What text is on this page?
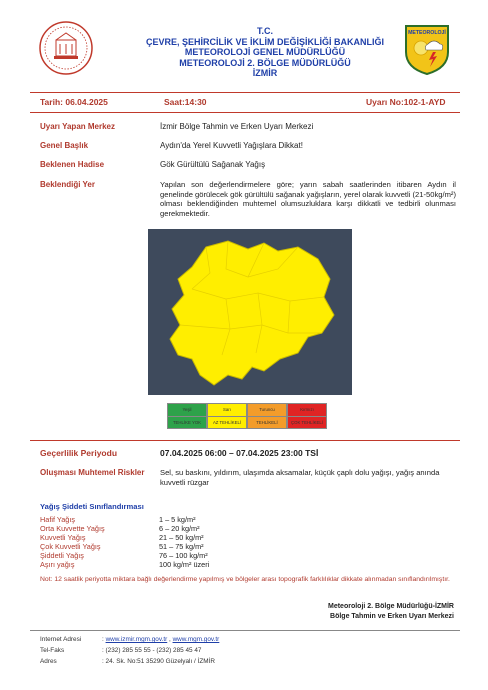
T.C.
ÇEVRE, ŞEHİRCİLİK VE İKLİM DEĞİŞİKLİĞİ BAKANLIĞI
METEOROLOJİ GENEL MÜDÜRLÜĞÜ
METEOROLOJİ 2. BÖLGE MÜDÜRLÜĞÜ
İZMİR
METEOROLOJİ
Tarih: 06.04.2025	Saat:14:30	Uyarı No:102-1-AYD
Uyarı Yapan Merkez	İzmir Bölge Tahmin ve Erken Uyarı Merkezi
Genel Başlık	Aydın'da Yerel Kuvvetli Yağışlara Dikkat!
Beklenen Hadise	Gök Gürültülü Sağanak Yağış
Beklendiği Yer	Yapılan son değerlendirmelere göre; yarın sabah saatlerinden itibaren Aydın il genelinde görülecek gök gürültülü sağanak yağışların, yerel olarak kuvvetli (21-50kg/m²) olması beklendiğinden muhtemel olumsuzluklara karşı dikkatli ve tedbirli olunması gerekmektedir.
Yeşil
TEHLİKE YOK
Sarı
AZ TEHLİKELİ
Turuncu
TEHLİKELİ
Kırmızı
ÇOK TEHLİKELİ
Geçerlilik Periyodu	07.04.2025 06:00 – 07.04.2025 23:00 TSİ
Oluşması Muhtemel Riskler Sel, su baskını, yıldırım, ulaşımda aksamalar, küçük çaplı dolu yağışı, yağış anında kuvvetli rüzgar
Yağış Şiddeti Sınıflandırması
Hafif Yağış	1 – 5 kg/m²
Orta Kuvvette Yağış	6 – 20 kg/m²
Kuvvetli Yağış	21 – 50 kg/m²
Çok Kuvvetli Yağış	51 – 75 kg/m²
Şiddetli Yağış	76 – 100 kg/m²
Aşırı yağış	100 kg/m² üzeri
Not: 12 saatlik periyotta miktara bağlı değerlendirme yapılmış ve bölgeler arası topografik farklılıklar dikkate alınmadan sınıflandırılmıştır.
Meteoroloji 2. Bölge Müdürlüğü-İZMİR
Bölge Tahmin ve Erken Uyarı Merkezi
Internet Adresi	: www.izmir.mgm.gov.tr , www.mgm.gov.tr
Tel-Faks	: (232) 285 55 55 - (232) 285 45 47
Adres	: 24. Sk. No:51 35290 Güzelyalı / İZMİR
